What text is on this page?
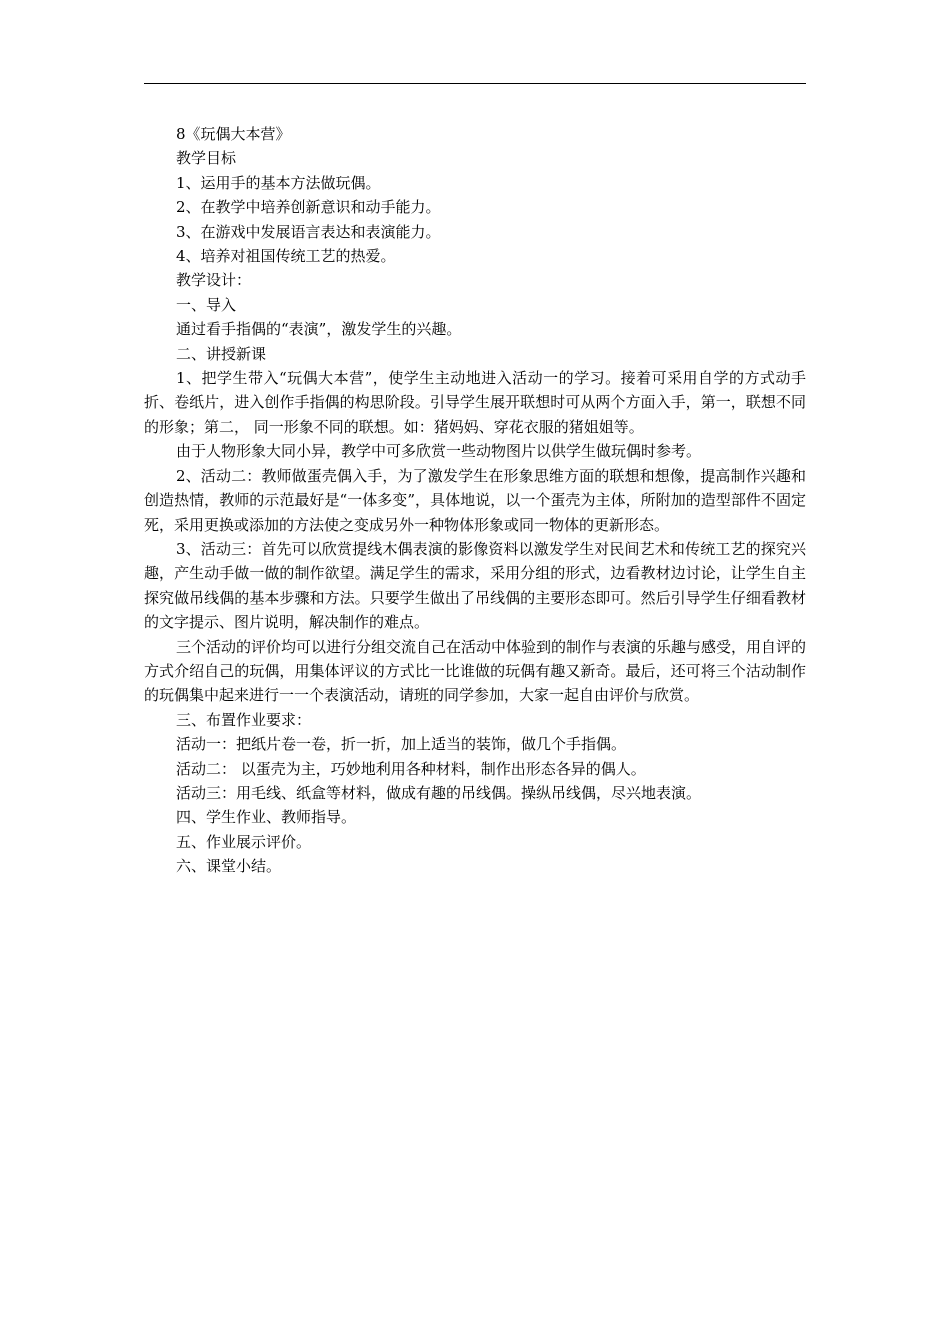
8《玩偶大本营》

教学目标

1、运用手的基本方法做玩偶。

2、在教学中培养创新意识和动手能力。

3、在游戏中发展语言表达和表演能力。

4、培养对祖国传统工艺的热爱。

教学设计：

一、导入

通过看手指偶的“表演”，激发学生的兴趣。

二、讲授新课

1、把学生带入“玩偶大本营”，使学生主动地进入活动一的学习。接着可采用自学的方式动手折、卷纸片，进入创作手指偶的构思阶段。引导学生展开联想时可从两个方面入手，第一，联想不同的形象；第二， 同一形象不同的联想。如：猪妈妈、穿花衣服的猪姐姐等。

由于人物形象大同小异，教学中可多欣赏一些动物图片以供学生做玩偶时参考。

2、活动二：教师做蛋壳偶入手，为了激发学生在形象思维方面的联想和想像，提高制作兴趣和创造热情，教师的示范最好是“一体多变”，具体地说，以一个蛋壳为主体，所附加的造型部件不固定死，采用更换或添加的方法使之变成另外一种物体形象或同一物体的更新形态。

3、活动三：首先可以欣赏提线木偶表演的影像资料以激发学生对民间艺术和传统工艺的探究兴趣，产生动手做一做的制作欲望。满足学生的需求，采用分组的形式，边看教材边讨论，让学生自主探究做吊线偶的基本步骤和方法。只要学生做出了吊线偶的主要形态即可。然后引导学生仔细看教材的文字提示、图片说明，解决制作的难点。

三个活动的评价均可以进行分组交流自己在活动中体验到的制作与表演的乐趣与感受，用自评的方式介绍自己的玩偶，用集体评议的方式比一比谁做的玩偶有趣又新奇。最后，还可将三个沽动制作的玩偶集中起来进行一一个表演活动，请班的同学参加，大家一起自由评价与欣赏。

三、布置作业要求：

活动一：把纸片卷一卷，折一折，加上适当的装饰，做几个手指偶。

活动二： 以蛋壳为主，巧妙地利用各种材料，制作出形态各异的偶人。

活动三：用毛线、纸盒等材料，做成有趣的吊线偶。操纵吊线偶，尽兴地表演。

四、学生作业、教师指导。

五、作业展示评价。

六、课堂小结。
